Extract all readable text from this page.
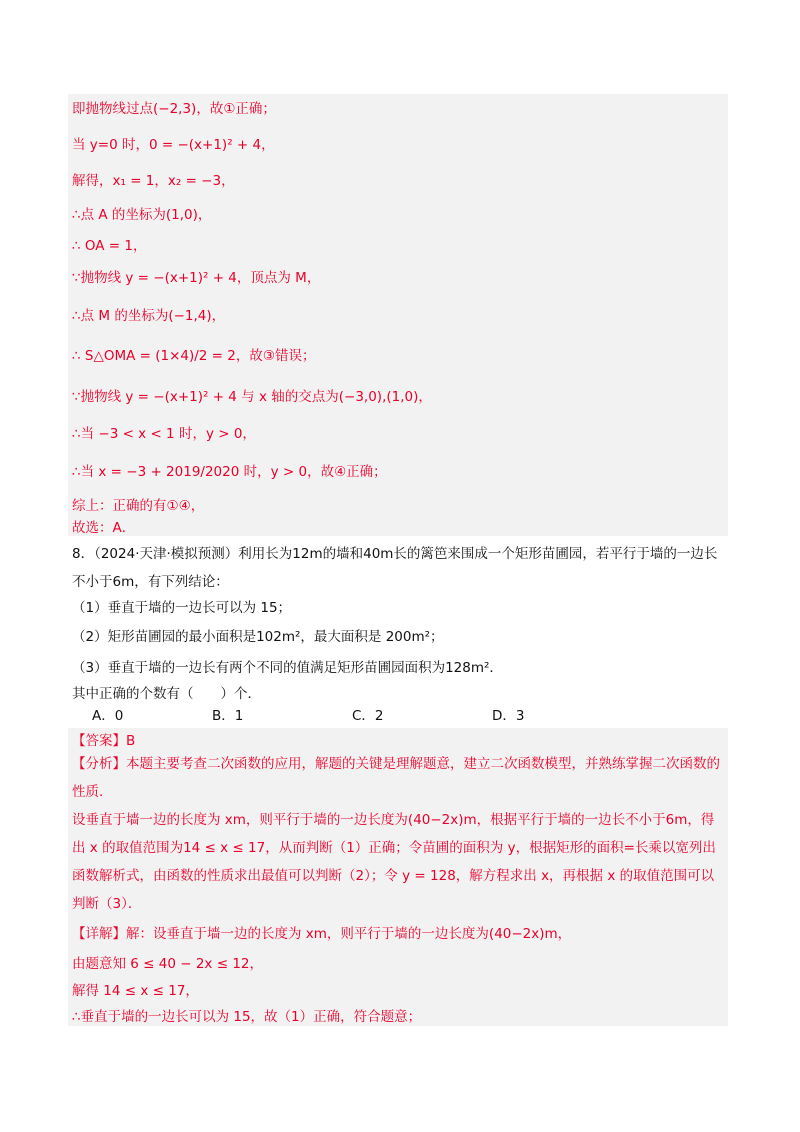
即抛物线过点(−2,3)，故①正确；
当 y=0 时，0 = −(x+1)² + 4，
解得，x₁ = 1，x₂ = −3，
∴点 A 的坐标为(1,0)，
∴ OA = 1，
∵抛物线 y = −(x+1)² + 4，顶点为 M，
∴点 M 的坐标为(−1,4)，
∴ S△OMA = (1×4)/2 = 2，故③错误；
∵抛物线 y = −(x+1)² + 4 与 x 轴的交点为(−3,0),(1,0)，
∴当 −3 < x < 1 时，y > 0，
∴当 x = −3 + 2019/2020 时，y > 0，故④正确；
综上：正确的有①④，
故选：A．
8．（2024·天津·模拟预测）利用长为12m的墙和40m长的篱笆来围成一个矩形苗圃园，若平行于墙的一边长不小于6m，有下列结论：
（1）垂直于墙的一边长可以为 15；
（2）矩形苗圃园的最小面积是102m²，最大面积是 200m²；
（3）垂直于墙的一边长有两个不同的值满足矩形苗圃园面积为128m²．
其中正确的个数有（　　）个．
A．0	B．1	C．2	D．3
【答案】B
【分析】本题主要考查二次函数的应用，解题的关键是理解题意，建立二次函数模型，并熟练掌握二次函数的性质．
设垂直于墙一边的长度为 xm，则平行于墙的一边长度为(40−2x)m，根据平行于墙的一边长不小于6m，得出 x 的取值范围为14 ≤ x ≤ 17，从而判断（1）正确；令苗圃的面积为 y，根据矩形的面积=长乘以宽列出函数解析式，由函数的性质求出最值可以判断（2）；令 y = 128，解方程求出 x，再根据 x 的取值范围可以判断（3）．
【详解】解：设垂直于墙一边的长度为 xm，则平行于墙的一边长度为(40−2x)m，
由题意知 6 ≤ 40 − 2x ≤ 12，
解得 14 ≤ x ≤ 17，
∴垂直于墙的一边长可以为 15，故（1）正确，符合题意；
